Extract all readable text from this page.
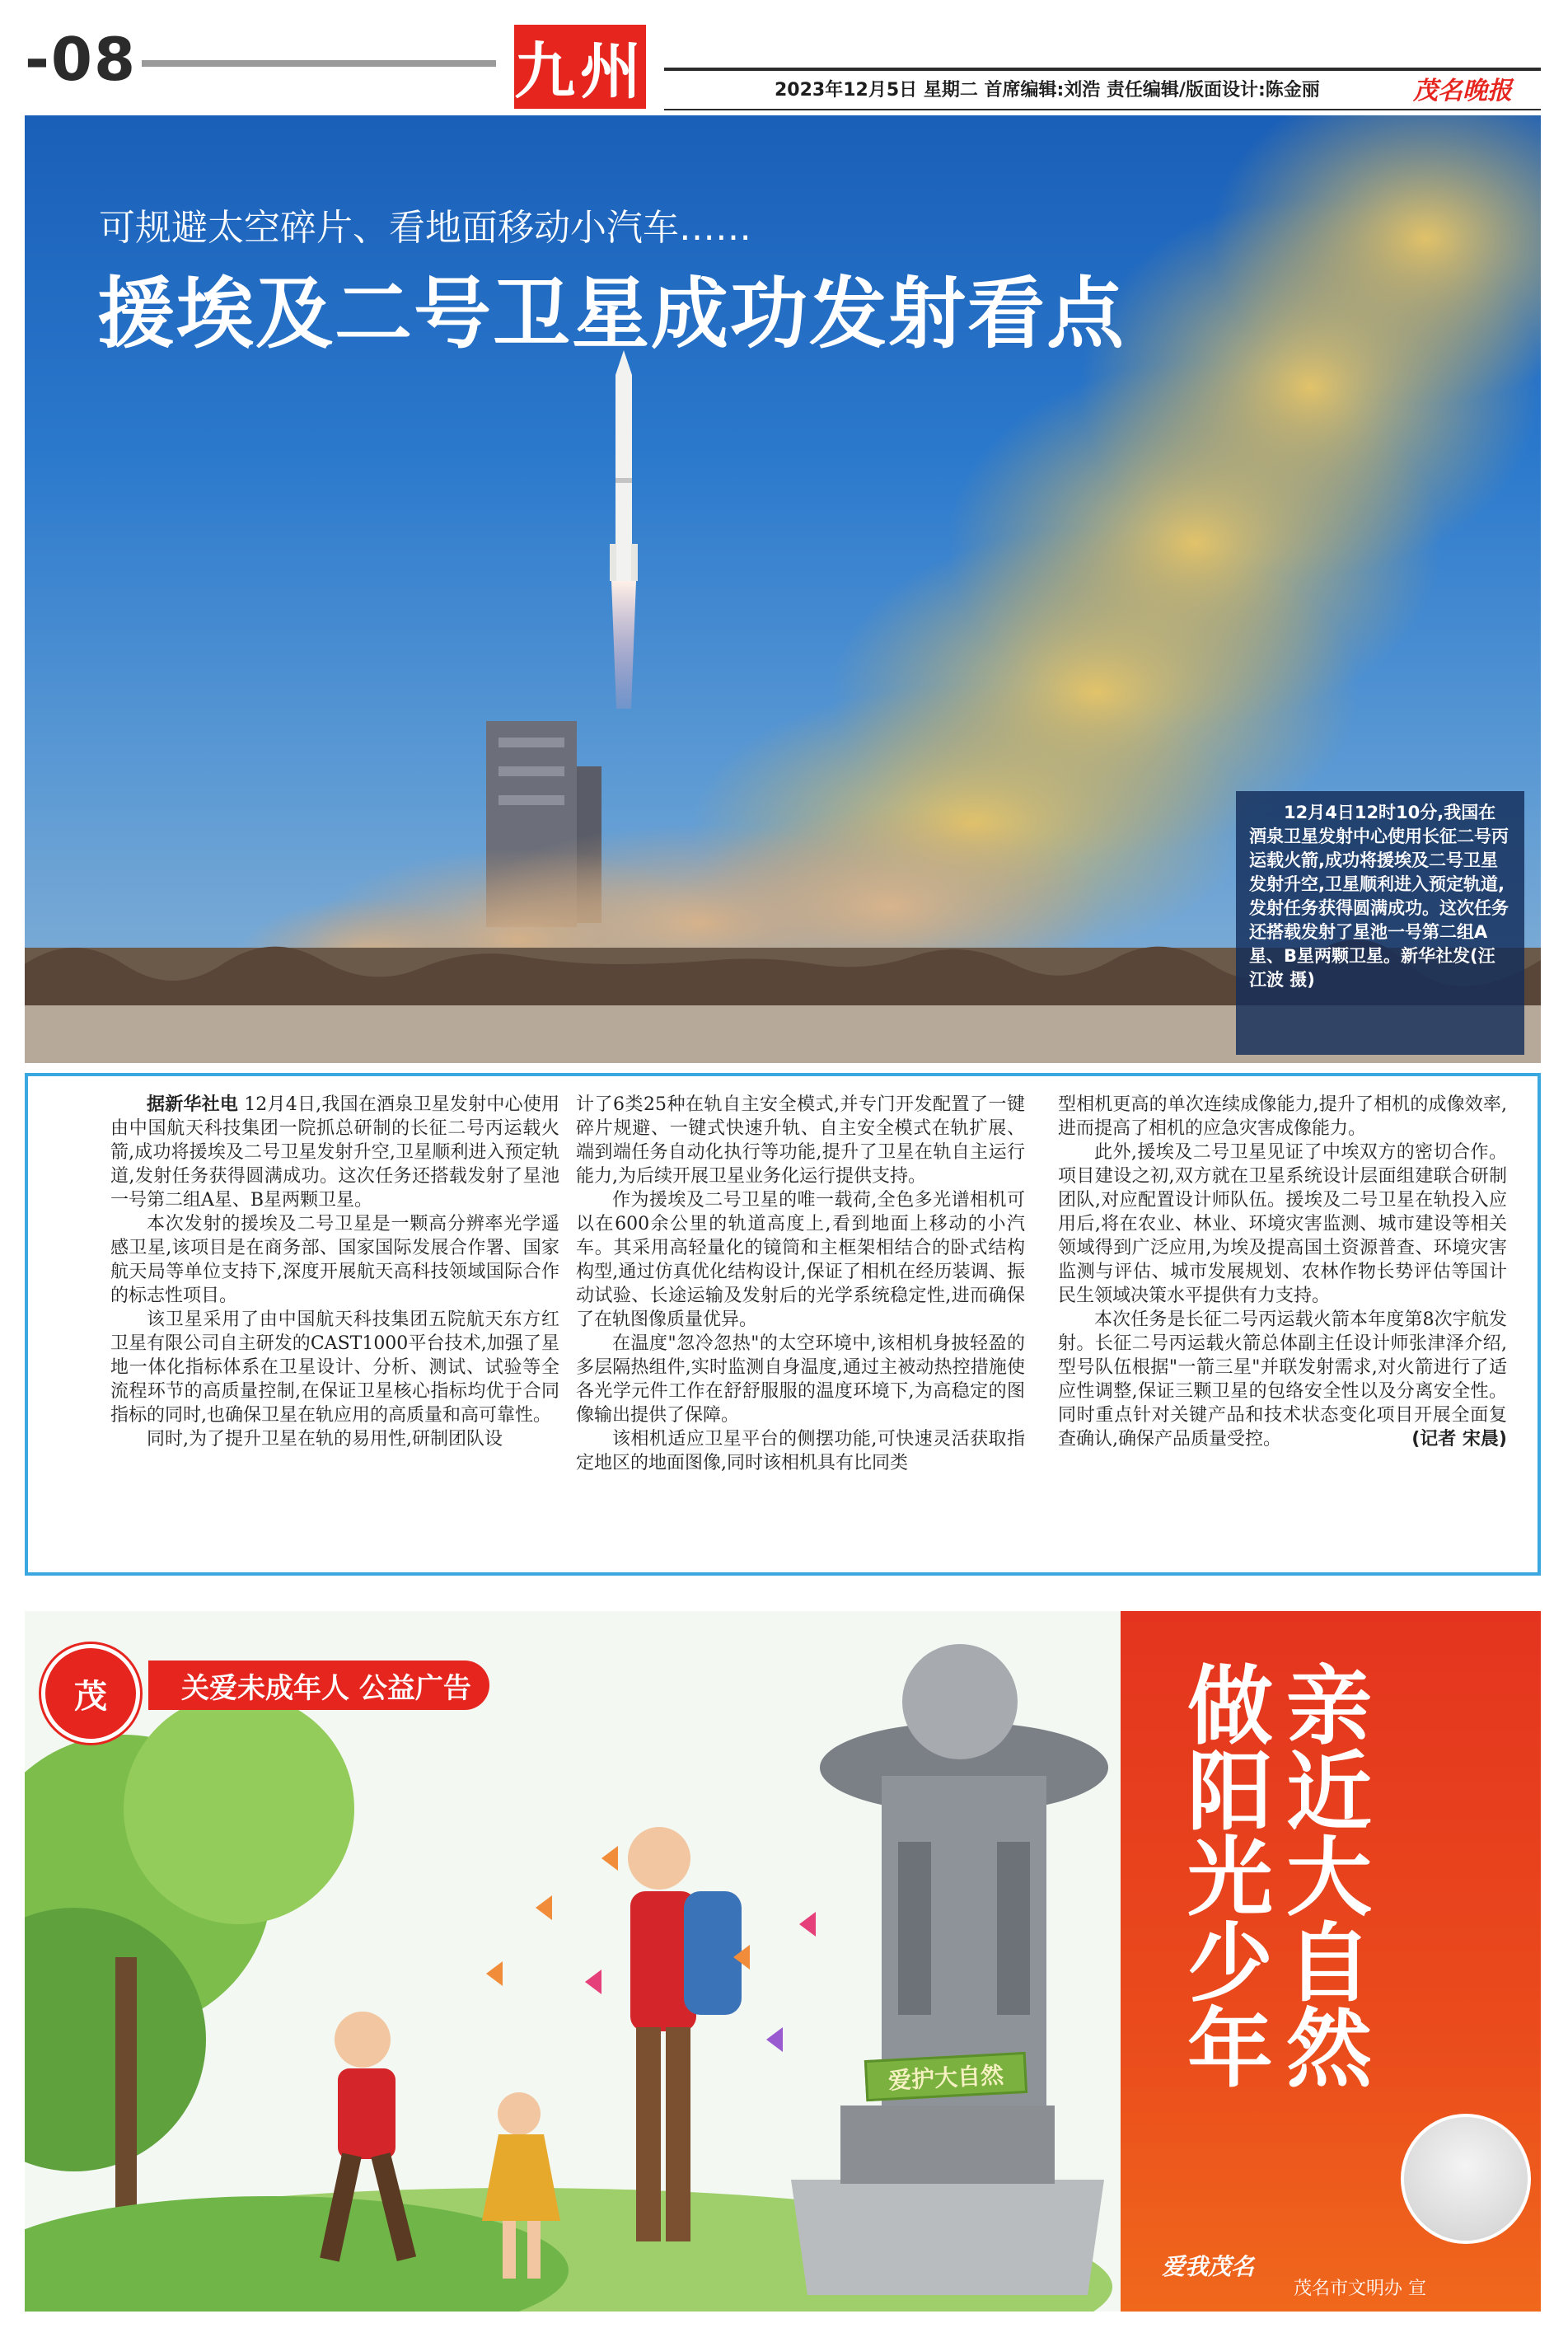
-08	九州	2023年12月5日 星期二 首席编辑:刘浩 责任编辑/版面设计:陈金丽	茂名晚报
可规避太空碎片、看地面移动小汽车……
援埃及二号卫星成功发射看点
12月4日12时10分,我国在酒泉卫星发射中心使用长征二号丙运载火箭,成功将援埃及二号卫星发射升空,卫星顺利进入预定轨道,发射任务获得圆满成功。这次任务还搭载发射了星池一号第二组A星、B星两颗卫星。新华社发(汪江波 摄)

据新华社电 12月4日,我国在酒泉卫星发射中心使用由中国航天科技集团一院抓总研制的长征二号丙运载火箭,成功将援埃及二号卫星发射升空,卫星顺利进入预定轨道,发射任务获得圆满成功。这次任务还搭载发射了星池一号第二组A星、B星两颗卫星。

本次发射的援埃及二号卫星是一颗高分辨率光学遥感卫星,该项目是在商务部、国家国际发展合作署、国家航天局等单位支持下,深度开展航天高科技领域国际合作的标志性项目。

该卫星采用了由中国航天科技集团五院航天东方红卫星有限公司自主研发的CAST1000平台技术,加强了星地一体化指标体系在卫星设计、分析、测试、试验等全流程环节的高质量控制,在保证卫星核心指标均优于合同指标的同时,也确保卫星在轨应用的高质量和高可靠性。

同时,为了提升卫星在轨的易用性,研制团队设

计了6类25种在轨自主安全模式,并专门开发配置了一键碎片规避、一键式快速升轨、自主安全模式在轨扩展、端到端任务自动化执行等功能,提升了卫星在轨自主运行能力,为后续开展卫星业务化运行提供支持。

作为援埃及二号卫星的唯一载荷,全色多光谱相机可以在600余公里的轨道高度上,看到地面上移动的小汽车。其采用高轻量化的镜筒和主框架相结合的卧式结构构型,通过仿真优化结构设计,保证了相机在经历装调、振动试验、长途运输及发射后的光学系统稳定性,进而确保了在轨图像质量优异。

在温度"忽冷忽热"的太空环境中,该相机身披轻盈的多层隔热组件,实时监测自身温度,通过主被动热控措施使各光学元件工作在舒舒服服的温度环境下,为高稳定的图像输出提供了保障。

该相机适应卫星平台的侧摆功能,可快速灵活获取指定地区的地面图像,同时该相机具有比同类

型相机更高的单次连续成像能力,提升了相机的成像效率,进而提高了相机的应急灾害成像能力。

此外,援埃及二号卫星见证了中埃双方的密切合作。项目建设之初,双方就在卫星系统设计层面组建联合研制团队,对应配置设计师队伍。援埃及二号卫星在轨投入应用后,将在农业、林业、环境灾害监测、城市建设等相关领域得到广泛应用,为埃及提高国土资源普查、环境灾害监测与评估、城市发展规划、农林作物长势评估等国计民生领域决策水平提供有力支持。

本次任务是长征二号丙运载火箭本年度第8次宇航发射。长征二号丙运载火箭总体副主任设计师张津泽介绍,型号队伍根据"一箭三星"并联发射需求,对火箭进行了适应性调整,保证三颗卫星的包络安全性以及分离安全性。同时重点针对关键产品和技术状态变化项目开展全面复查确认,确保产品质量受控。	(记者 宋晨)

茂	关爱未成年人 公益广告	亲近大自然
做阳光少年
爱护大自然
爱我茂名
茂名市文明办 宣
